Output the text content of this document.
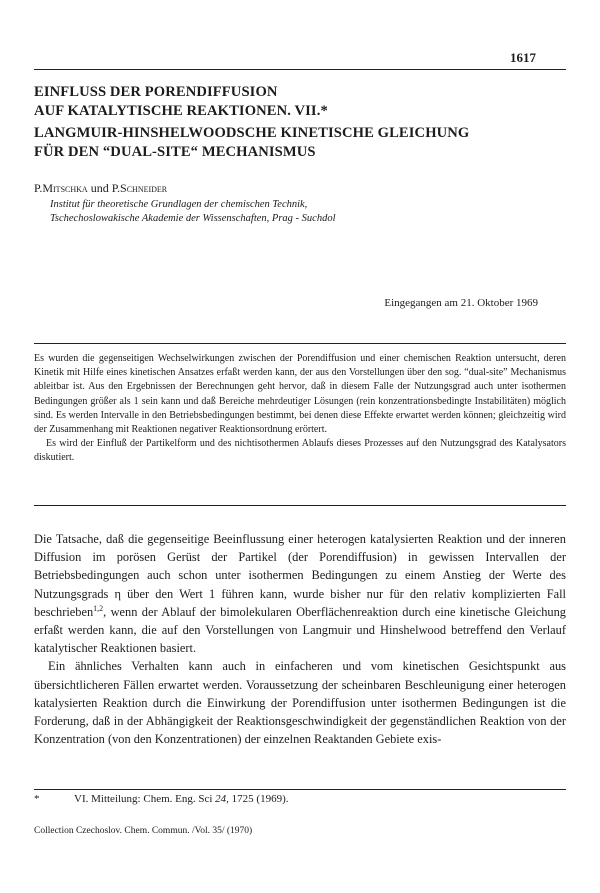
1617
EINFLUSS DER PORENDIFFUSION
AUF KATALYTISCHE REAKTIONEN. VII.*
LANGMUIR-HINSHELWOODSCHE KINETISCHE GLEICHUNG
FÜR DEN “DUAL-SITE“ MECHANISMUS
P.Mitschka und P.Schneider

Institut für theoretische Grundlagen der chemischen Technik,
Tschechoslowakische Akademie der Wissenschaften, Prag - Suchdol

Eingegangen am 21. Oktober 1969

Es wurden die gegenseitigen Wechselwirkungen zwischen der Porendiffusion und einer chemischen Reaktion untersucht, deren Kinetik mit Hilfe eines kinetischen Ansatzes erfaßt werden kann, der aus den Vorstellungen über den sog. “dual-site” Mechanismus ableitbar ist. Aus den Ergebnissen der Berechnungen geht hervor, daß in diesem Falle der Nutzungsgrad auch unter isothermen Bedingungen größer als 1 sein kann und daß Bereiche mehrdeutiger Lösungen (rein konzentrationsbedingte Instabilitäten) möglich sind. Es werden Intervalle in den Betriebsbedingungen bestimmt, bei denen diese Effekte erwartet werden können; gleichzeitig wird der Zusammenhang mit Reaktionen negativer Reaktionsordnung erörtert.

Es wird der Einfluß der Partikelform und des nichtisothermen Ablaufs dieses Prozesses auf den Nutzungsgrad des Katalysators diskutiert.

Die Tatsache, daß die gegenseitige Beeinflussung einer heterogen katalysierten Reaktion und der inneren Diffusion im porösen Gerüst der Partikel (der Porendiffusion) in gewissen Intervallen der Betriebsbedingungen auch schon unter isothermen Bedingungen zu einem Anstieg der Werte des Nutzungsgrads η über den Wert 1 führen kann, wurde bisher nur für den relativ komplizierten Fall beschrieben$^{1,2}$, wenn der Ablauf der bimolekularen Oberflächenreaktion durch eine kinetische Gleichung erfaßt werden kann, die auf den Vorstellungen von Langmuir und Hinshelwood betreffend den Verlauf katalytischer Reaktionen basiert.

Ein ähnliches Verhalten kann auch in einfacheren und vom kinetischen Gesichtspunkt aus übersichtlicheren Fällen erwartet werden. Voraussetzung der scheinbaren Beschleunigung einer heterogen katalysierten Reaktion durch die Einwirkung der Porendiffusion unter isothermen Bedingungen ist die Forderung, daß in der Abhängigkeit der Reaktionsgeschwindigkeit der gegenständlichen Reaktion von der Konzentration (von den Konzentrationen) der einzelnen Reaktanden Gebiete exis-

*	VI. Mitteilung: Chem. Eng. Sci 24, 1725 (1969).
Collection Czechoslov. Chem. Commun. /Vol. 35/ (1970)
